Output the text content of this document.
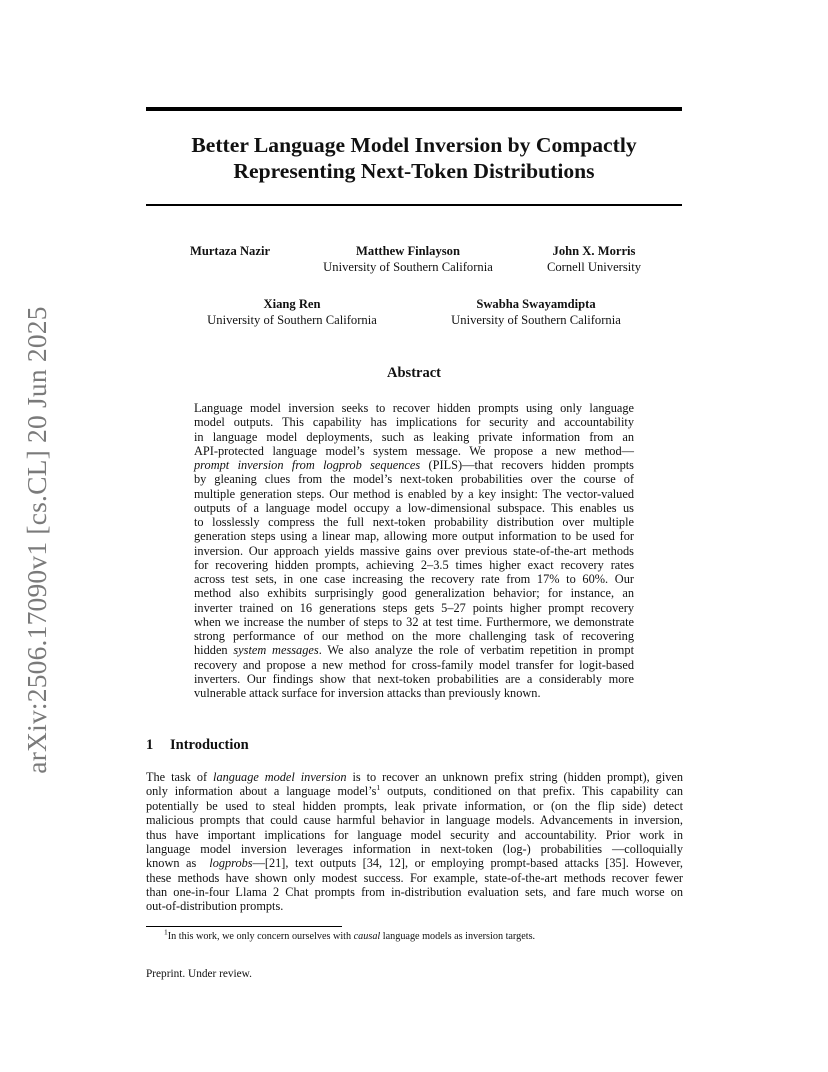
arXiv:2506.17090v1 [cs.CL] 20 Jun 2025
Better Language Model Inversion by Compactly
Representing Next-Token Distributions
Murtaza Nazir	Matthew Finlayson
University of Southern California
John X. Morris
Cornell University
Xiang Ren
University of Southern California
Swabha Swayamdipta
University of Southern California
Abstract
Language model inversion seeks to recover hidden prompts using only language
model outputs. This capability has implications for security and accountability
in language model deployments, such as leaking private information from an
API-protected language model’s system message. We propose a new method—
prompt inversion from logprob sequences (PILS)—that recovers hidden prompts
by gleaning clues from the model’s next-token probabilities over the course of
multiple generation steps. Our method is enabled by a key insight: The vector-valued
outputs of a language model occupy a low-dimensional subspace. This enables us
to losslessly compress the full next-token probability distribution over multiple
generation steps using a linear map, allowing more output information to be used for
inversion. Our approach yields massive gains over previous state-of-the-art methods
for recovering hidden prompts, achieving 2–3.5 times higher exact recovery rates
across test sets, in one case increasing the recovery rate from 17% to 60%. Our
method also exhibits surprisingly good generalization behavior; for instance, an
inverter trained on 16 generations steps gets 5–27 points higher prompt recovery
when we increase the number of steps to 32 at test time. Furthermore, we demonstrate
strong performance of our method on the more challenging task of recovering
hidden system messages. We also analyze the role of verbatim repetition in prompt
recovery and propose a new method for cross-family model transfer for logit-based
inverters. Our findings show that next-token probabilities are a considerably more
vulnerable attack surface for inversion attacks than previously known.
1 Introduction
The task of language model inversion is to recover an unknown prefix string (hidden prompt), given
only information about a language $model’s^1$ outputs, conditioned on that prefix. This capability can
potentially be used to steal hidden prompts, leak private information, or (on the flip side) detect
malicious prompts that could cause harmful behavior in language models. Advancements in inversion,
thus have important implications for language model security and accountability. Prior work in
language model inversion leverages information in next-token (log-) probabilities —colloquially
known as  logprobs—[21], text outputs [34, 12], or employing prompt-based attacks [35]. However,
these methods have shown only modest success. For example, state-of-the-art methods recover fewer
than one-in-four Llama 2 Chat prompts from in-distribution evaluation sets, and fare much worse on
out-of-distribution prompts.
$^1$In this work, we only concern ourselves with causal language models as inversion targets.
Preprint. Under review.
